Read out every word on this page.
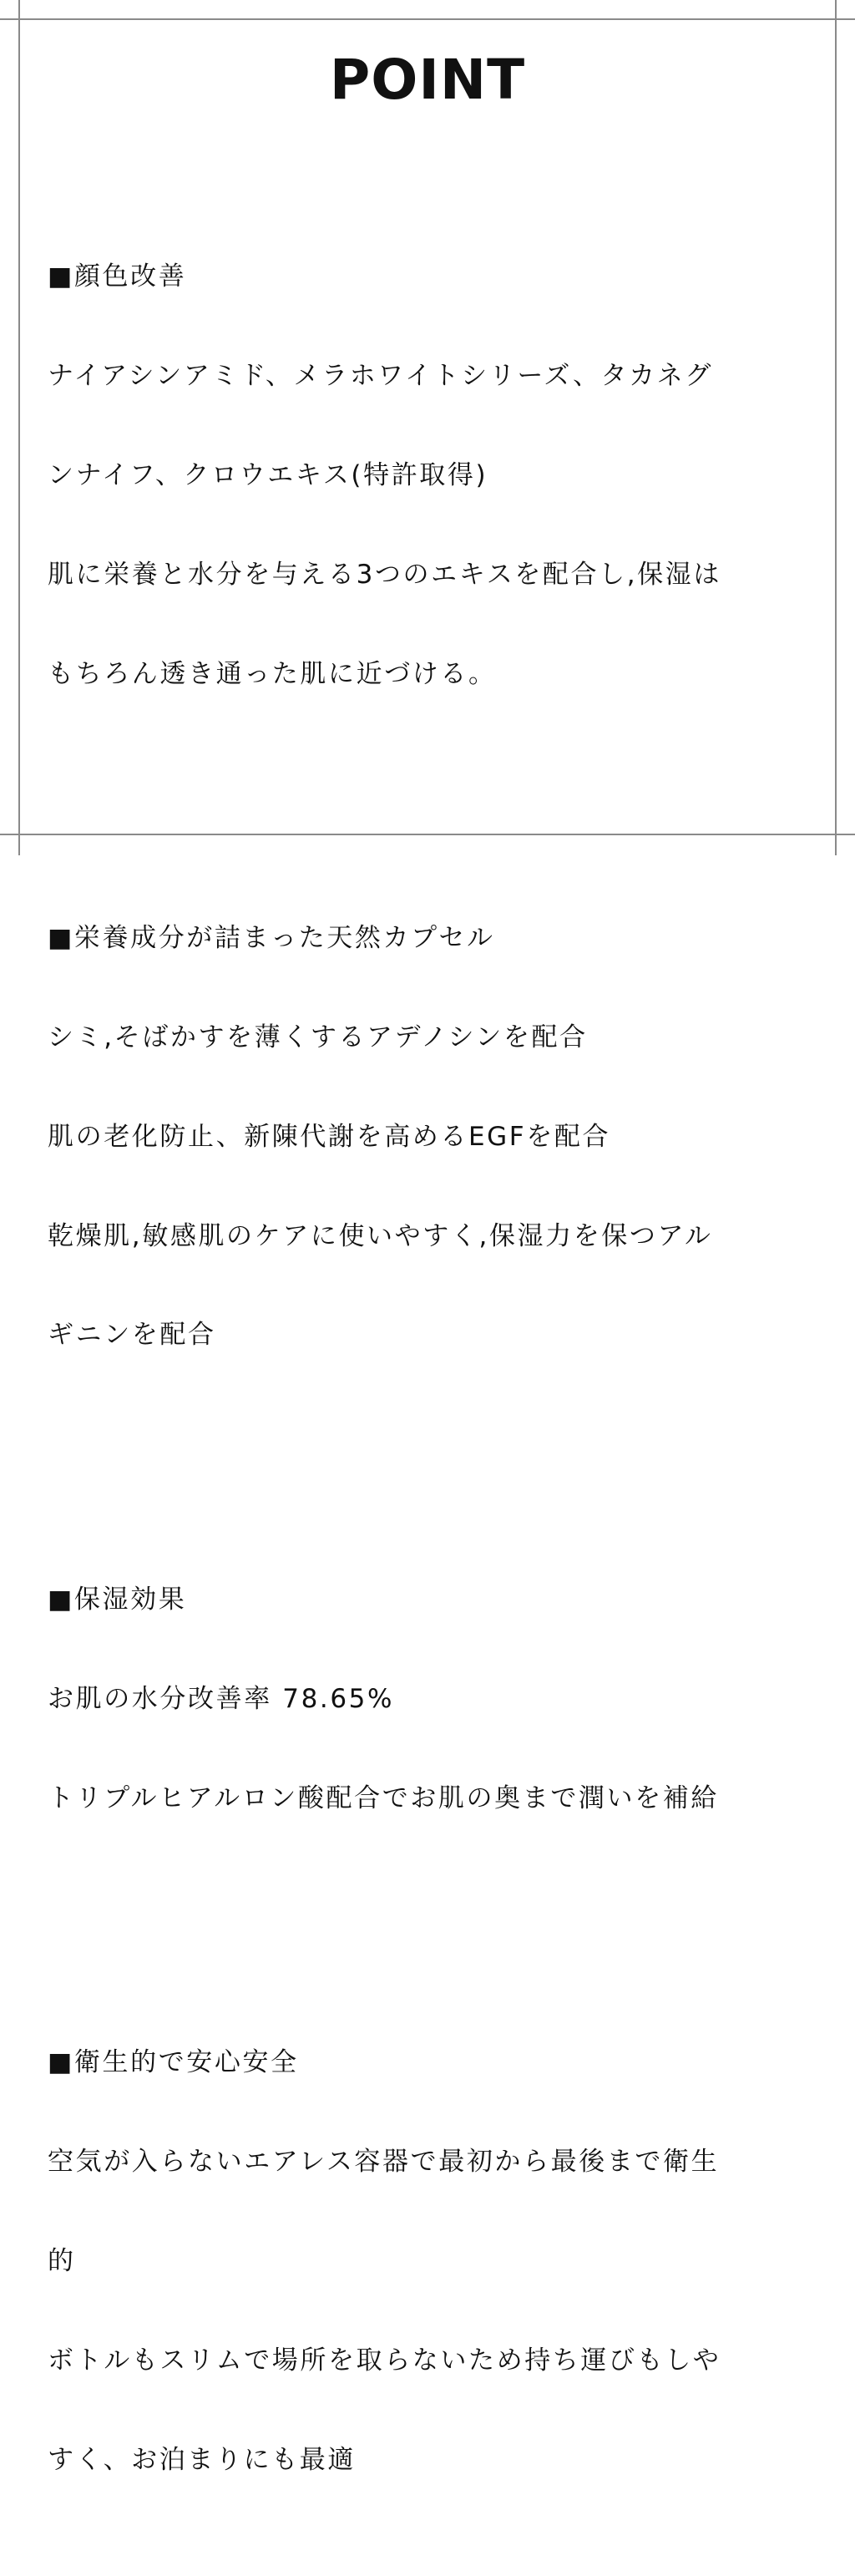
POINT

■顔色改善

ナイアシンアミド、メラホワイトシリーズ、タカネグ

ンナイフ、クロウエキス(特許取得)

肌に栄養と水分を与える3つのエキスを配合し,保湿は

もちろん透き通った肌に近づける。

■栄養成分が詰まった天然カプセル

シミ,そばかすを薄くするアデノシンを配合

肌の老化防止、新陳代謝を高めるEGFを配合

乾燥肌,敏感肌のケアに使いやすく,保湿力を保つアル

ギニンを配合

■保湿効果

お肌の水分改善率 78.65%

トリプルヒアルロン酸配合でお肌の奥まで潤いを補給

■衛生的で安心安全

空気が入らないエアレス容器で最初から最後まで衛生

的

ボトルもスリムで場所を取らないため持ち運びもしや

すく、お泊まりにも最適
